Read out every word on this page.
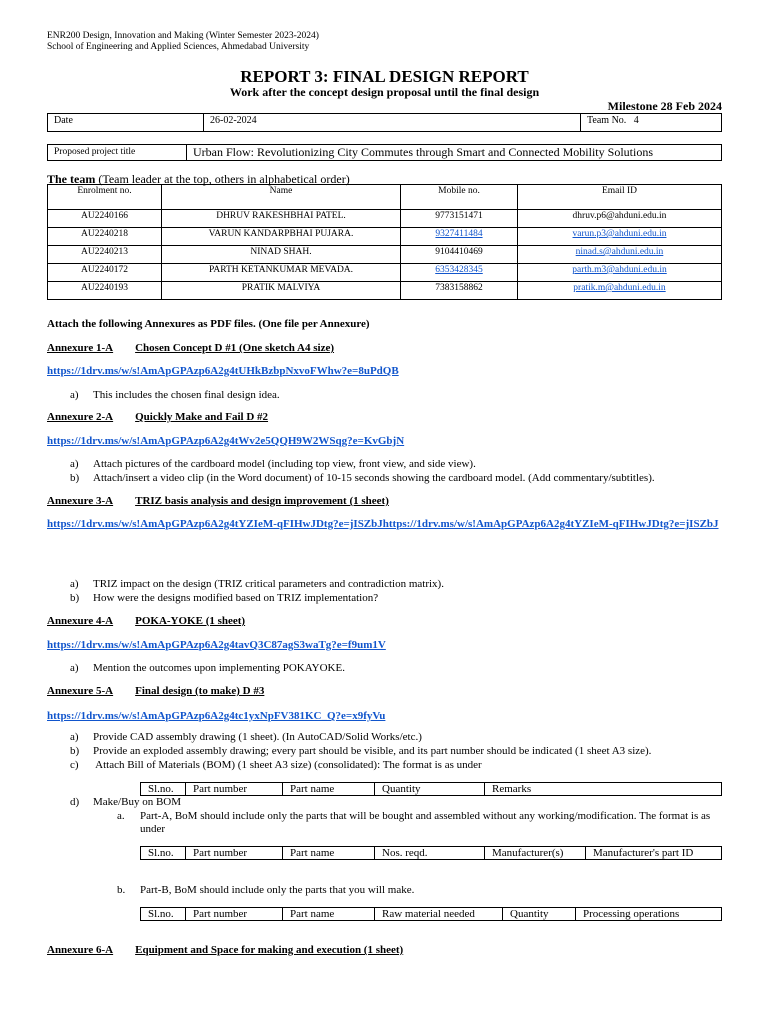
ENR200 Design, Innovation and Making (Winter Semester 2023-2024)
School of Engineering and Applied Sciences, Ahmedabad University
REPORT 3: FINAL DESIGN REPORT
Work after the concept design proposal until the final design
Milestone 28 Feb 2024
Date	26-02-2024	Team No. 4
Proposed project title	Urban Flow: Revolutionizing City Commutes through Smart and Connected Mobility Solutions
The team (Team leader at the top, others in alphabetical order)
Enrolment no.	Name	Mobile no.	Email ID
AU2240166	DHRUV RAKESHBHAI PATEL.	9773151471	dhruv.p6@ahduni.edu.in
AU2240218	VARUN KANDARPBHAI PUJARA.	9327411484	varun.p3@ahduni.edu.in
AU2240213	NINAD SHAH.	9104410469	ninad.s@ahduni.edu.in
AU2240172	PARTH KETANKUMAR MEVADA.	6353428345	parth.m3@ahduni.edu.in
AU2240193	PRATIK MALVIYA	7383158862	pratik.m@ahduni.edu.in
Attach the following Annexures as PDF files. (One file per Annexure)
Annexure 1-A Chosen Concept D #1 (One sketch A4 size)
https://1drv.ms/w/s!AmApGPAzp6A2g4tUHkBzbpNxvoFWhw?e=8uPdQB
a) This includes the chosen final design idea.
Annexure 2-A Quickly Make and Fail D #2
https://1drv.ms/w/s!AmApGPAzp6A2g4tWv2e5QQH9W2WSqg?e=KvGbjN
a) Attach pictures of the cardboard model (including top view, front view, and side view).
b) Attach/insert a video clip (in the Word document) of 10-15 seconds showing the cardboard model. (Add commentary/subtitles).
Annexure 3-A TRIZ basis analysis and design improvement (1 sheet)
https://1drv.ms/w/s!AmApGPAzp6A2g4tYZIeM-qFIHwJDtg?e=jISZbJhttps://1drv.ms/w/s!AmApGPAzp6A2g4tYZIeM-qFIHwJDtg?e=jISZbJ
a) TRIZ impact on the design (TRIZ critical parameters and contradiction matrix).
b) How were the designs modified based on TRIZ implementation?
Annexure 4-A POKA-YOKE (1 sheet)
https://1drv.ms/w/s!AmApGPAzp6A2g4tavQ3C87agS3waTg?e=f9um1V
a) Mention the outcomes upon implementing POKAYOKE.
Annexure 5-A Final design (to make) D #3
https://1drv.ms/w/s!AmApGPAzp6A2g4tc1yxNpFV381KC_Q?e=x9fyVu
a) Provide CAD assembly drawing (1 sheet). (In AutoCAD/Solid Works/etc.)
b) Provide an exploded assembly drawing; every part should be visible, and its part number should be indicated (1 sheet A3 size).
c) Attach Bill of Materials (BOM) (1 sheet A3 size) (consolidated): The format is as under
Sl.no.	Part number	Part name	Quantity	Remarks
d) Make/Buy on BOM
a.	Part-A, BoM should include only the parts that will be bought and assembled without any working/modification. The format is as under
Sl.no.	Part number	Part name	Nos. reqd.	Manufacturer(s)	Manufacturer's part ID
b.	Part-B, BoM should include only the parts that you will make.
Sl.no.	Part number	Part name	Raw material needed	Quantity	Processing operations
Annexure 6-A Equipment and Space for making and execution (1 sheet)
